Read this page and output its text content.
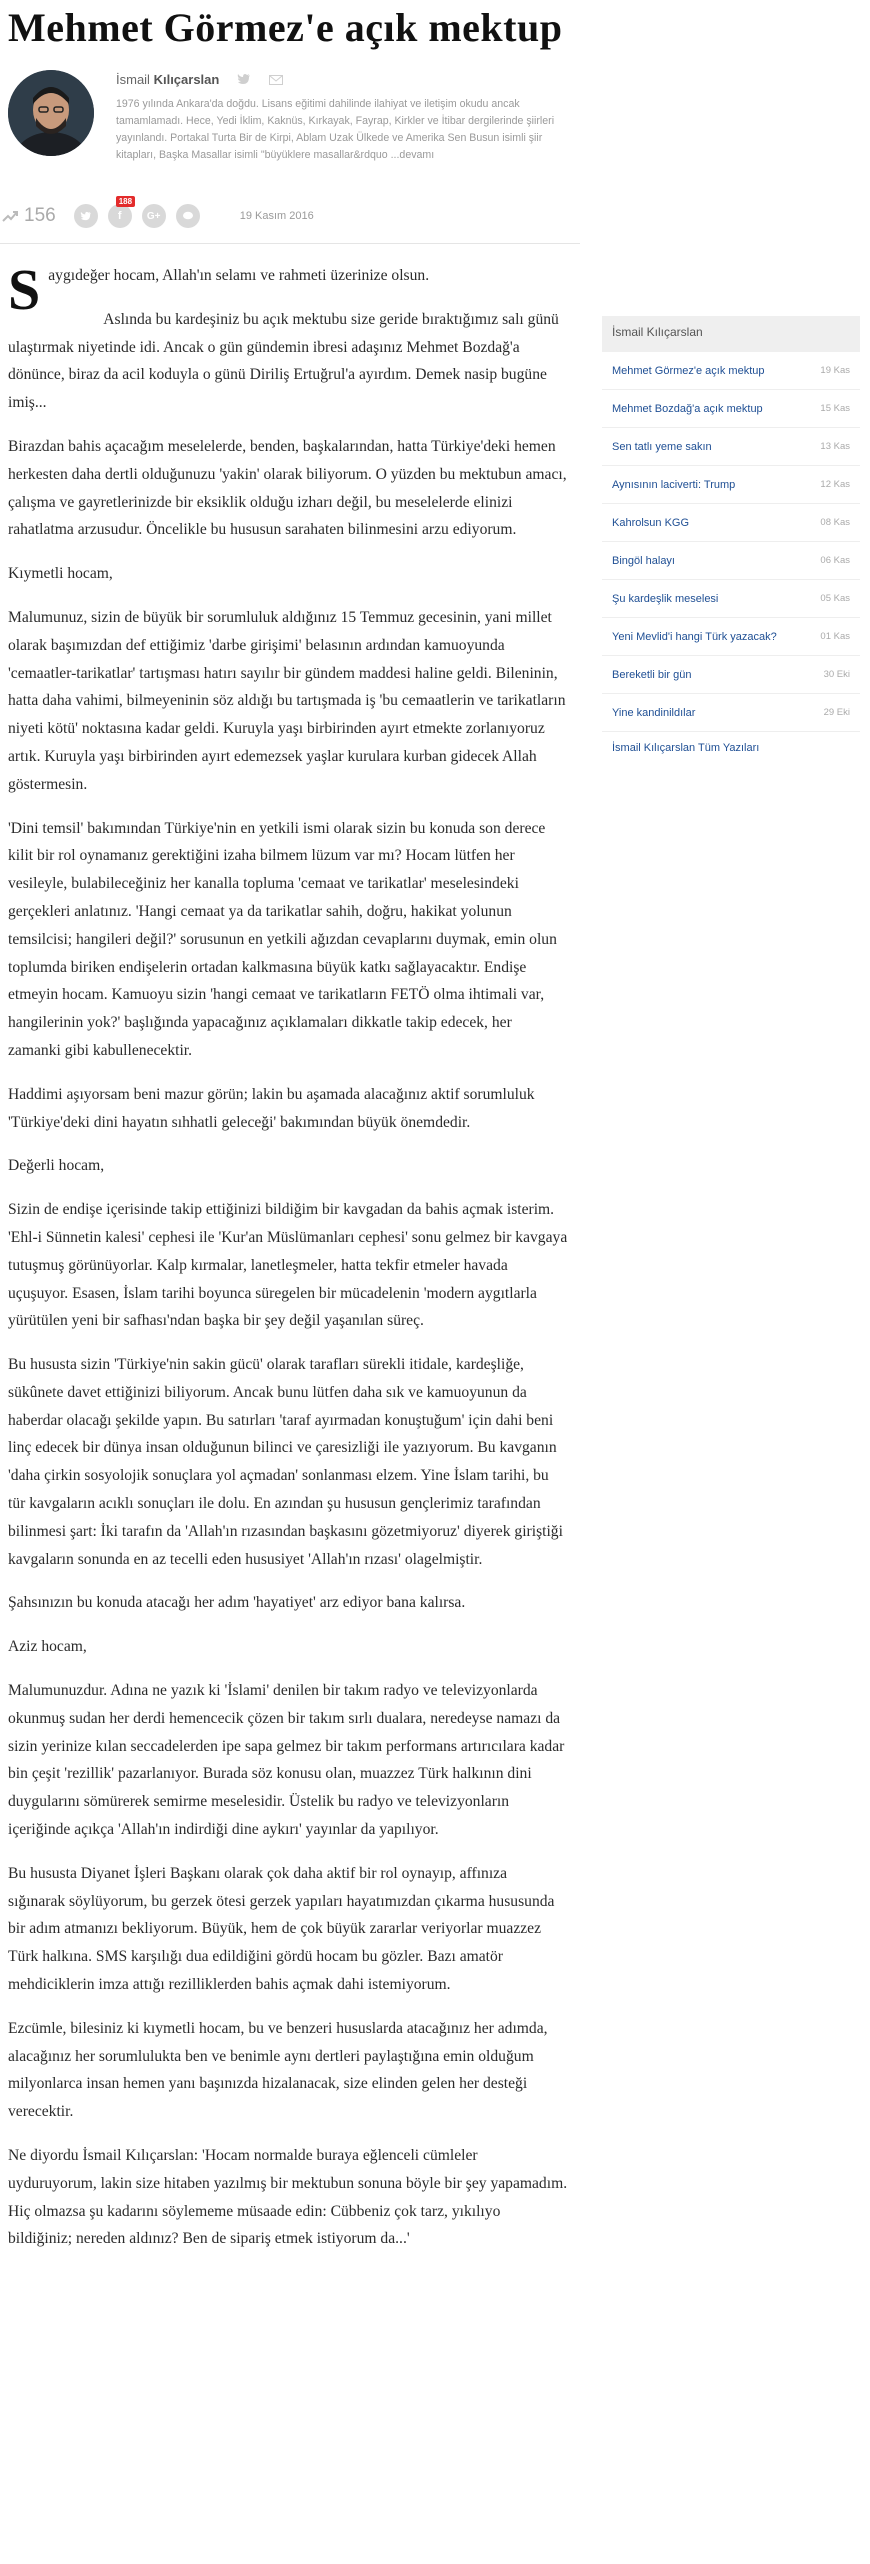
Mehmet Görmez'e açık mektup
İsmail Kılıçarslan
1976 yılında Ankara'da doğdu. Lisans eğitimi dahilinde ilahiyat ve iletişim okudu ancak tamamlamadı. Hece, Yedi İklim, Kaknüs, Kırkayak, Fayrap, Kirkler ve İtibar dergilerinde şiirleri yayınlandı. Portakal Turta Bir de Kirpi, Ablam Uzak Ülkede ve Amerika Sen Busun isimli şiir kitapları, Başka Masallar isimli "büyüklere masallar&rdquo ...devamı
156	f
188
G+	19 Kasım 2016

Saygıdeğer hocam, Allah'ın selamı ve rahmeti üzerinize olsun.

Aslında bu kardeşiniz bu açık mektubu size geride bıraktığımız salı günü ulaştırmak niyetinde idi. Ancak o gün gündemin ibresi adaşınız Mehmet Bozdağ'a dönünce, biraz da acil koduyla o günü Diriliş Ertuğrul'a ayırdım. Demek nasip bugüne imiş...

Birazdan bahis açacağım meselelerde, benden, başkalarından, hatta Türkiye'deki hemen herkesten daha dertli olduğunuzu 'yakin' olarak biliyorum. O yüzden bu mektubun amacı, çalışma ve gayretlerinizde bir eksiklik olduğu izharı değil, bu meselelerde elinizi rahatlatma arzusudur. Öncelikle bu hususun sarahaten bilinmesini arzu ediyorum.

Kıymetli hocam,

Malumunuz, sizin de büyük bir sorumluluk aldığınız 15 Temmuz gecesinin, yani millet olarak başımızdan def ettiğimiz 'darbe girişimi' belasının ardından kamuoyunda 'cemaatler-tarikatlar' tartışması hatırı sayılır bir gündem maddesi haline geldi. Bileninin, hatta daha vahimi, bilmeyeninin söz aldığı bu tartışmada iş 'bu cemaatlerin ve tarikatların niyeti kötü' noktasına kadar geldi. Kuruyla yaşı birbirinden ayırt etmekte zorlanıyoruz artık. Kuruyla yaşı birbirinden ayırt edemezsek yaşlar kurulara kurban gidecek Allah göstermesin.

'Dini temsil' bakımından Türkiye'nin en yetkili ismi olarak sizin bu konuda son derece kilit bir rol oynamanız gerektiğini izaha bilmem lüzum var mı? Hocam lütfen her vesileyle, bulabileceğiniz her kanalla topluma 'cemaat ve tarikatlar' meselesindeki gerçekleri anlatınız. 'Hangi cemaat ya da tarikatlar sahih, doğru, hakikat yolunun temsilcisi; hangileri değil?' sorusunun en yetkili ağızdan cevaplarını duymak, emin olun toplumda biriken endişelerin ortadan kalkmasına büyük katkı sağlayacaktır. Endişe etmeyin hocam. Kamuoyu sizin 'hangi cemaat ve tarikatların FETÖ olma ihtimali var, hangilerinin yok?' başlığında yapacağınız açıklamaları dikkatle takip edecek, her zamanki gibi kabullenecektir.

Haddimi aşıyorsam beni mazur görün; lakin bu aşamada alacağınız aktif sorumluluk 'Türkiye'deki dini hayatın sıhhatli geleceği' bakımından büyük önemdedir.

Değerli hocam,

Sizin de endişe içerisinde takip ettiğinizi bildiğim bir kavgadan da bahis açmak isterim. 'Ehl-i Sünnetin kalesi' cephesi ile 'Kur'an Müslümanları cephesi' sonu gelmez bir kavgaya tutuşmuş görünüyorlar. Kalp kırmalar, lanetleşmeler, hatta tekfir etmeler havada uçuşuyor. Esasen, İslam tarihi boyunca süregelen bir mücadelenin 'modern aygıtlarla yürütülen yeni bir safhası'ndan başka bir şey değil yaşanılan süreç.

Bu hususta sizin 'Türkiye'nin sakin gücü' olarak tarafları sürekli itidale, kardeşliğe, sükûnete davet ettiğinizi biliyorum. Ancak bunu lütfen daha sık ve kamuoyunun da haberdar olacağı şekilde yapın. Bu satırları 'taraf ayırmadan konuştuğum' için dahi beni linç edecek bir dünya insan olduğunun bilinci ve çaresizliği ile yazıyorum. Bu kavganın 'daha çirkin sosyolojik sonuçlara yol açmadan' sonlanması elzem. Yine İslam tarihi, bu tür kavgaların acıklı sonuçları ile dolu. En azından şu hususun gençlerimiz tarafından bilinmesi şart: İki tarafın da 'Allah'ın rızasından başkasını gözetmiyoruz' diyerek giriştiği kavgaların sonunda en az tecelli eden hususiyet 'Allah'ın rızası' olagelmiştir.

Şahsınızın bu konuda atacağı her adım 'hayatiyet' arz ediyor bana kalırsa.

Aziz hocam,

Malumunuzdur. Adına ne yazık ki 'İslami' denilen bir takım radyo ve televizyonlarda okunmuş sudan her derdi hemencecik çözen bir takım sırlı dualara, neredeyse namazı da sizin yerinize kılan seccadelerden ipe sapa gelmez bir takım performans artırıcılara kadar bin çeşit 'rezillik' pazarlanıyor. Burada söz konusu olan, muazzez Türk halkının dini duygularını sömürerek semirme meselesidir. Üstelik bu radyo ve televizyonların içeriğinde açıkça 'Allah'ın indirdiği dine aykırı' yayınlar da yapılıyor.

Bu hususta Diyanet İşleri Başkanı olarak çok daha aktif bir rol oynayıp, affınıza sığınarak söylüyorum, bu gerzek ötesi gerzek yapıları hayatımızdan çıkarma hususunda bir adım atmanızı bekliyorum. Büyük, hem de çok büyük zararlar veriyorlar muazzez Türk halkına. SMS karşılığı dua edildiğini gördü hocam bu gözler. Bazı amatör mehdiciklerin imza attığı rezilliklerden bahis açmak dahi istemiyorum.

Ezcümle, bilesiniz ki kıymetli hocam, bu ve benzeri hususlarda atacağınız her adımda, alacağınız her sorumlulukta ben ve benimle aynı dertleri paylaştığına emin olduğum milyonlarca insan hemen yanı başınızda hizalanacak, size elinden gelen her desteği verecektir.

Ne diyordu İsmail Kılıçarslan: 'Hocam normalde buraya eğlenceli cümleler uyduruyorum, lakin size hitaben yazılmış bir mektubun sonuna böyle bir şey yapamadım. Hiç olmazsa şu kadarını söylememe müsaade edin: Cübbeniz çok tarz, yıkılıyo bildiğiniz; nereden aldınız? Ben de sipariş etmek istiyorum da...'

İsmail Kılıçarslan
Mehmet Görmez'e açık mektup	19 Kas
Mehmet Bozdağ'a açık mektup	15 Kas
Sen tatlı yeme sakın	13 Kas
Aynısının laciverti: Trump	12 Kas
Kahrolsun KGG	08 Kas
Bingöl halayı	06 Kas
Şu kardeşlik meselesi	05 Kas
Yeni Mevlid'i hangi Türk yazacak?	01 Kas
Bereketli bir gün	30 Eki
Yine kandinildılar	29 Eki
İsmail Kılıçarslan Tüm Yazıları
